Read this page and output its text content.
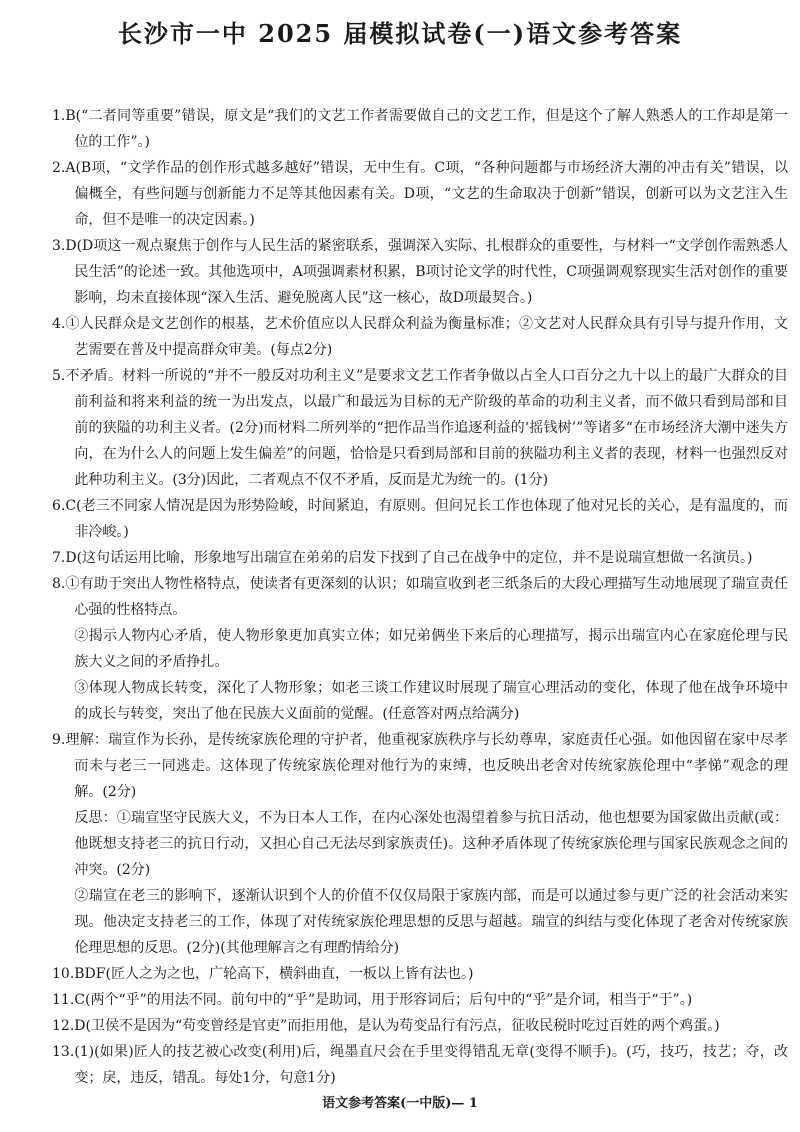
长沙市一中 2025 届模拟试卷(一)语文参考答案

1.B(“二者同等重要”错误，原文是“我们的文艺工作者需要做自己的文艺工作，但是这个了解人熟悉人的工作却是第一位的工作”。)

2.A(B项，“文学作品的创作形式越多越好”错误，无中生有。C项，“各种问题都与市场经济大潮的冲击有关”错误，以偏概全，有些问题与创新能力不足等其他因素有关。D项，“文艺的生命取决于创新”错误，创新可以为文艺注入生命，但不是唯一的决定因素。)

3.D(D项这一观点聚焦于创作与人民生活的紧密联系，强调深入实际、扎根群众的重要性，与材料一“文学创作需熟悉人民生活”的论述一致。其他选项中，A项强调素材积累，B项讨论文学的时代性，C项强调观察现实生活对创作的重要影响，均未直接体现“深入生活、避免脱离人民”这一核心，故D项最契合。)

4.①人民群众是文艺创作的根基，艺术价值应以人民群众利益为衡量标准；②文艺对人民群众具有引导与提升作用，文艺需要在普及中提高群众审美。(每点2分)

5.不矛盾。材料一所说的“并不一般反对功利主义”是要求文艺工作者争做以占全人口百分之九十以上的最广大群众的目前利益和将来利益的统一为出发点，以最广和最远为目标的无产阶级的革命的功利主义者，而不做只看到局部和目前的狭隘的功利主义者。(2分)而材料二所列举的“把作品当作追逐利益的‘摇钱树’”等诸多“在市场经济大潮中迷失方向，在为什么人的问题上发生偏差”的问题，恰恰是只看到局部和目前的狭隘功利主义者的表现，材料一也强烈反对此种功利主义。(3分)因此，二者观点不仅不矛盾，反而是尤为统一的。(1分)

6.C(老三不同家人情况是因为形势险峻，时间紧迫，有原则。但问兄长工作也体现了他对兄长的关心，是有温度的，而非冷峻。)

7.D(这句话运用比喻，形象地写出瑞宣在弟弟的启发下找到了自己在战争中的定位，并不是说瑞宣想做一名演员。)

8.①有助于突出人物性格特点，使读者有更深刻的认识；如瑞宣收到老三纸条后的大段心理描写生动地展现了瑞宣责任心强的性格特点。

②揭示人物内心矛盾，使人物形象更加真实立体；如兄弟俩坐下来后的心理描写，揭示出瑞宣内心在家庭伦理与民族大义之间的矛盾挣扎。

③体现人物成长转变，深化了人物形象；如老三谈工作建议时展现了瑞宣心理活动的变化，体现了他在战争环境中的成长与转变，突出了他在民族大义面前的觉醒。(任意答对两点给满分)

9.理解：瑞宣作为长孙，是传统家族伦理的守护者，他重视家族秩序与长幼尊卑，家庭责任心强。如他因留在家中尽孝而未与老三一同逃走。这体现了传统家族伦理对他行为的束缚，也反映出老舍对传统家族伦理中“孝悌”观念的理解。(2分)

反思：①瑞宣坚守民族大义，不为日本人工作，在内心深处也渴望着参与抗日活动，他也想要为国家做出贡献(或：他既想支持老三的抗日行动，又担心自己无法尽到家族责任)。这种矛盾体现了传统家族伦理与国家民族观念之间的冲突。(2分)

②瑞宣在老三的影响下，逐渐认识到个人的价值不仅仅局限于家族内部，而是可以通过参与更广泛的社会活动来实现。他决定支持老三的工作，体现了对传统家族伦理思想的反思与超越。瑞宣的纠结与变化体现了老舍对传统家族伦理思想的反思。(2分)(其他理解言之有理酌情给分)

10.BDF(匠人之为之也，广轮高下，横斜曲直，一板以上皆有法也。)

11.C(两个“乎”的用法不同。前句中的“乎”是助词，用于形容词后；后句中的“乎”是介词，相当于“于”。)

12.D(卫侯不是因为“苟变曾经是官吏”而拒用他，是认为苟变品行有污点，征收民税时吃过百姓的两个鸡蛋。)

13.(1)(如果)匠人的技艺被心改变(利用)后，绳墨直尺会在手里变得错乱无章(变得不顺手)。(巧，技巧，技艺；夺，改变；戾，违反，错乱。每处1分，句意1分)

语文参考答案(一中版)— 1
